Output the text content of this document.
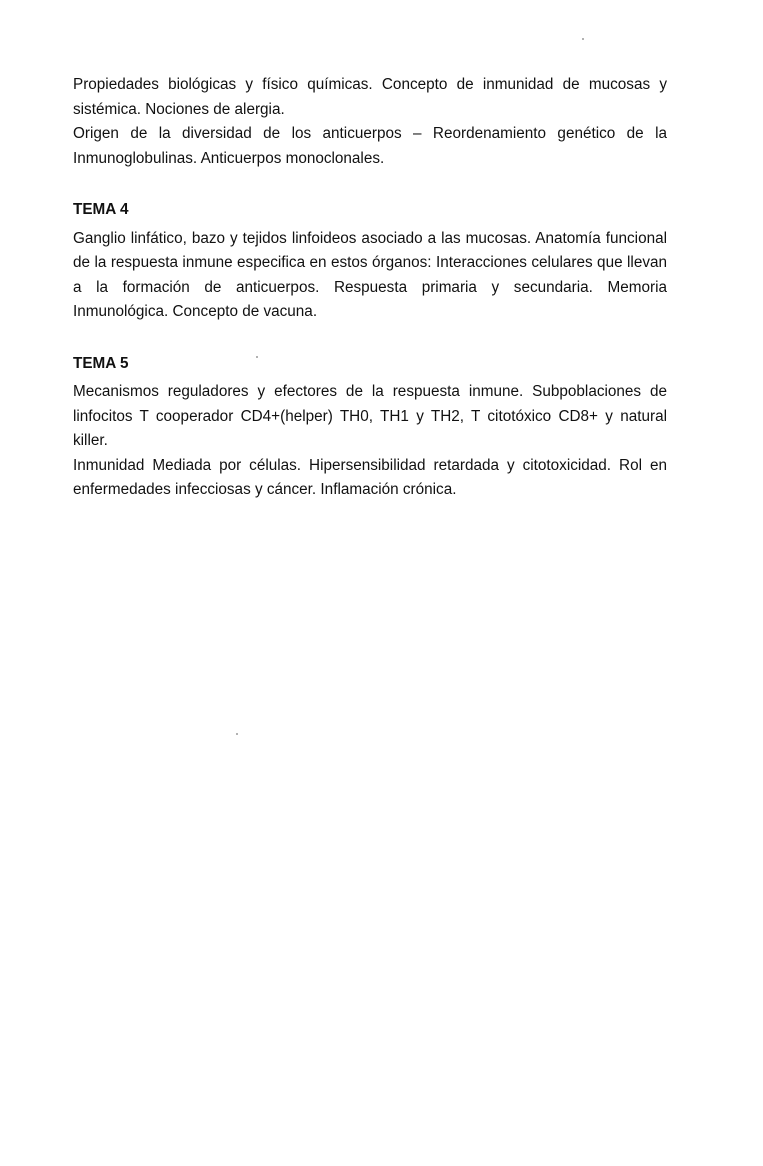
Propiedades biológicas y físico químicas. Concepto de inmunidad de mucosas y sistémica. Nociones de alergia.

Origen de la diversidad de los anticuerpos – Reordenamiento genético de la Inmunoglobulinas. Anticuerpos monoclonales.

TEMA 4

Ganglio linfático, bazo y tejidos linfoideos asociado a las mucosas. Anatomía funcional de la respuesta inmune especifica en estos órganos: Interacciones celulares que llevan a la formación de anticuerpos. Respuesta primaria y secundaria. Memoria Inmunológica. Concepto de vacuna.

TEMA 5

Mecanismos reguladores y efectores de la respuesta inmune. Subpoblaciones de linfocitos T cooperador CD4+(helper) TH0, TH1 y TH2, T citotóxico CD8+ y natural killer.

Inmunidad Mediada por células. Hipersensibilidad retardada y citotoxicidad. Rol en enfermedades infecciosas y cáncer. Inflamación crónica.
